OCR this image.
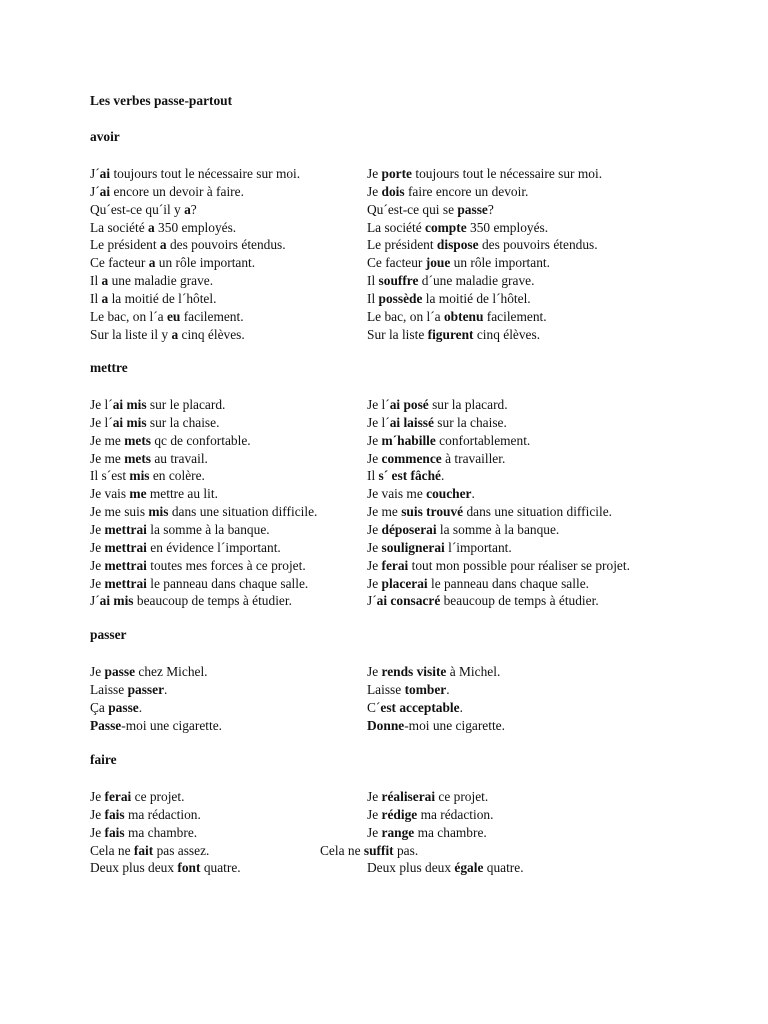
Les verbes passe-partout
avoir
J´ai toujours tout le nécessaire sur moi.	Je porte toujours tout le nécessaire sur moi.
J´ai encore un devoir à faire.	Je dois faire encore un devoir.
Qu´est-ce qu´il y a?	Qu´est-ce qui se passe?
La société a 350 employés.	La société compte 350 employés.
Le président a des pouvoirs étendus.	Le président dispose des pouvoirs étendus.
Ce facteur a un rôle important.	Ce facteur joue un rôle important.
Il a une maladie grave.	Il souffre d´une maladie grave.
Il a la moitié de l´hôtel.	Il possède la moitié de l´hôtel.
Le bac, on l´a eu facilement.	Le bac, on l´a obtenu facilement.
Sur la liste il y a cinq élèves.	Sur la liste figurent cinq élèves.
mettre
Je l´ai mis sur le placard.	Je l´ai posé sur la placard.
Je l´ai mis sur la chaise.	Je l´ai laissé sur la chaise.
Je me mets qc de confortable.	Je m´habille confortablement.
Je me mets au travail.	Je commence à travailler.
Il s´est mis en colère.	Il s´ est fâché.
Je vais me mettre au lit.	Je vais me coucher.
Je me suis mis dans une situation difficile.	Je me suis trouvé dans une situation difficile.
Je mettrai la somme à la banque.	Je déposerai la somme à la banque.
Je mettrai en évidence l´important.	Je soulignerai l´important.
Je mettrai toutes mes forces à ce projet.	Je ferai tout mon possible pour réaliser se projet.
Je mettrai le panneau dans chaque salle.	Je placerai le panneau dans chaque salle.
J´ai mis beaucoup de temps à étudier.	J´ai consacré beaucoup de temps à étudier.
passer
Je passe chez Michel.	Je rends visite à Michel.
Laisse passer.	Laisse tomber.
Ça passe.	C´est acceptable.
Passe-moi une cigarette.	Donne-moi une cigarette.
faire
Je ferai ce projet.	Je réaliserai ce projet.
Je fais ma rédaction.	Je rédige ma rédaction.
Je fais ma chambre.	Je range ma chambre.
Cela ne fait pas assez.	Cela ne suffit pas.
Deux plus deux font quatre.	Deux plus deux égale quatre.
